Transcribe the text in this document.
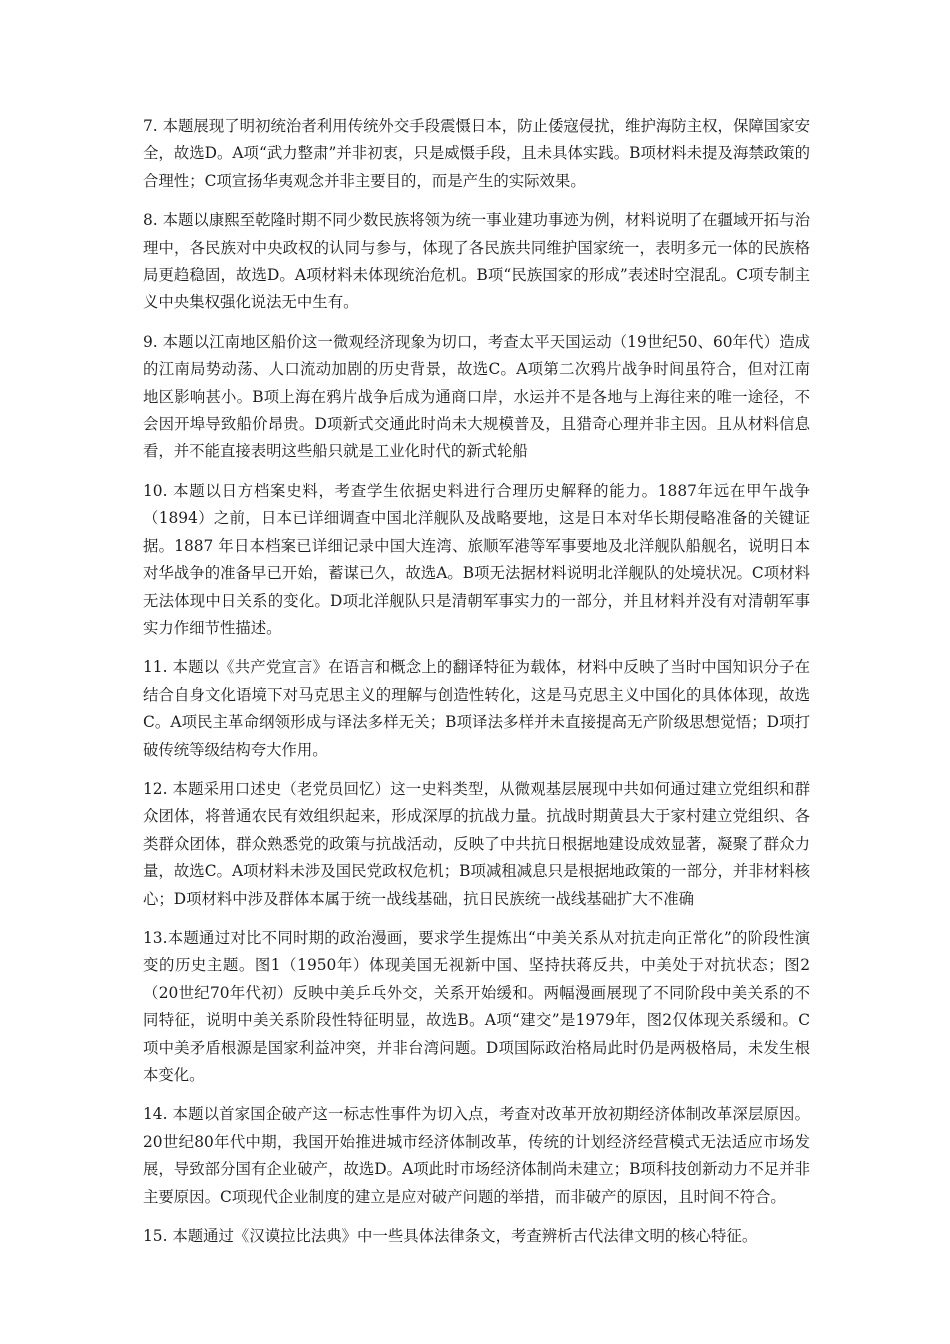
7. 本题展现了明初统治者利用传统外交手段震慑日本，防止倭寇侵扰，维护海防主权，保障国家安全，故选D。A项“武力整肃”并非初衷，只是威慑手段，且未具体实践。B项材料未提及海禁政策的合理性；C项宣扬华夷观念并非主要目的，而是产生的实际效果。

8. 本题以康熙至乾隆时期不同少数民族将领为统一事业建功事迹为例，材料说明了在疆域开拓与治理中，各民族对中央政权的认同与参与，体现了各民族共同维护国家统一，表明多元一体的民族格局更趋稳固，故选D。A项材料未体现统治危机。B项“民族国家的形成”表述时空混乱。C项专制主义中央集权强化说法无中生有。

9. 本题以江南地区船价这一微观经济现象为切口，考查太平天国运动（19世纪50、60年代）造成的江南局势动荡、人口流动加剧的历史背景，故选C。A项第二次鸦片战争时间虽符合，但对江南地区影响甚小。B项上海在鸦片战争后成为通商口岸，水运并不是各地与上海往来的唯一途径，不会因开埠导致船价昂贵。D项新式交通此时尚未大规模普及，且猎奇心理并非主因。且从材料信息看，并不能直接表明这些船只就是工业化时代的新式轮船

10. 本题以日方档案史料，考查学生依据史料进行合理历史解释的能力。1887年远在甲午战争（1894）之前，日本已详细调查中国北洋舰队及战略要地，这是日本对华长期侵略准备的关键证据。1887 年日本档案已详细记录中国大连湾、旅顺军港等军事要地及北洋舰队船舰名，说明日本对华战争的准备早已开始，蓄谋已久，故选A。B项无法据材料说明北洋舰队的处境状况。C项材料无法体现中日关系的变化。D项北洋舰队只是清朝军事实力的一部分，并且材料并没有对清朝军事实力作细节性描述。

11. 本题以《共产党宣言》在语言和概念上的翻译特征为载体，材料中反映了当时中国知识分子在结合自身文化语境下对马克思主义的理解与创造性转化，这是马克思主义中国化的具体体现，故选C。A项民主革命纲领形成与译法多样无关；B项译法多样并未直接提高无产阶级思想觉悟；D项打破传统等级结构夸大作用。

12. 本题采用口述史（老党员回忆）这一史料类型，从微观基层展现中共如何通过建立党组织和群众团体，将普通农民有效组织起来，形成深厚的抗战力量。抗战时期黄县大于家村建立党组织、各类群众团体，群众熟悉党的政策与抗战活动，反映了中共抗日根据地建设成效显著，凝聚了群众力量，故选C。A项材料未涉及国民党政权危机；B项减租减息只是根据地政策的一部分，并非材料核心；D项材料中涉及群体本属于统一战线基础，抗日民族统一战线基础扩大不准确

13.本题通过对比不同时期的政治漫画，要求学生提炼出“中美关系从对抗走向正常化”的阶段性演变的历史主题。图1（1950年）体现美国无视新中国、坚持扶蒋反共，中美处于对抗状态；图2（20世纪70年代初）反映中美乒乓外交，关系开始缓和。两幅漫画展现了不同阶段中美关系的不同特征，说明中美关系阶段性特征明显，故选B。A项“建交”是1979年，图2仅体现关系缓和。C项中美矛盾根源是国家利益冲突，并非台湾问题。D项国际政治格局此时仍是两极格局，未发生根本变化。

14. 本题以首家国企破产这一标志性事件为切入点，考查对改革开放初期经济体制改革深层原因。20世纪80年代中期，我国开始推进城市经济体制改革，传统的计划经济经营模式无法适应市场发展，导致部分国有企业破产，故选D。A项此时市场经济体制尚未建立；B项科技创新动力不足并非主要原因。C项现代企业制度的建立是应对破产问题的举措，而非破产的原因，且时间不符合。

15. 本题通过《汉谟拉比法典》中一些具体法律条文，考查辨析古代法律文明的核心特征。
